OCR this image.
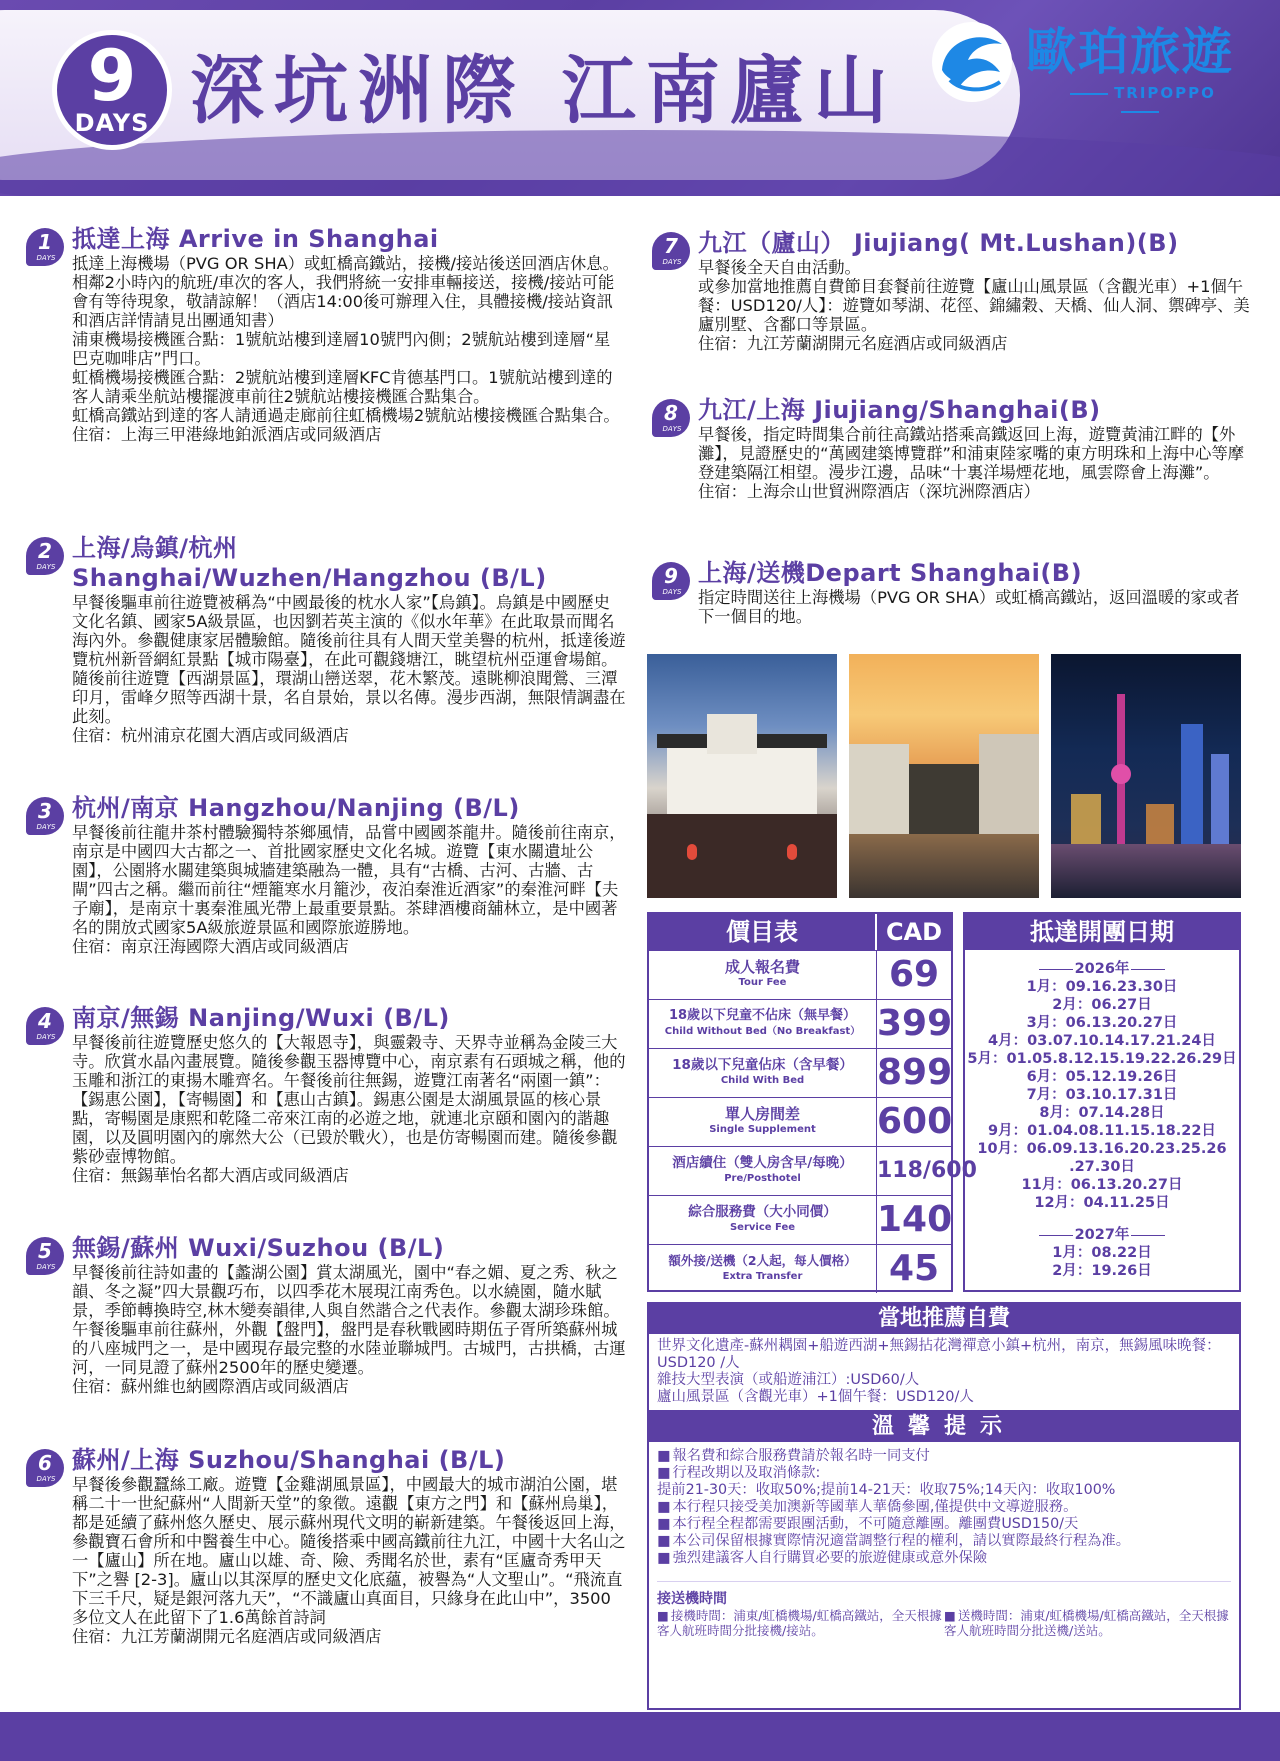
9
DAYS 深坑洲際 江南廬山	歐珀旅遊
TRIPOPPO
1
DAYS
抵達上海 Arrive in Shanghai

抵達上海機場（PVG OR SHA）或虹橋高鐵站，接機/接站後送回酒店休息。相鄰2小時內的航班/車次的客人，我們將統一安排車輛接送，接機/接站可能會有等待現象，敬請諒解！（酒店14:00後可辦理入住，具體接機/接站資訊和酒店詳情請見出團通知書）

浦東機場接機匯合點：1號航站樓到達層10號門內側；2號航站樓到達層“星巴克咖啡店”門口。

虹橋機場接機匯合點：2號航站樓到達層KFC肯德基門口。1號航站樓到達的客人請乘坐航站樓擺渡車前往2號航站樓接機匯合點集合。

虹橋高鐵站到達的客人請通過走廊前往虹橋機場2號航站樓接機匯合點集合。

住宿：上海三甲港綠地鉑派酒店或同級酒店

2
DAYS
上海/烏鎮/杭州
Shanghai/Wuzhen/Hangzhou (B/L)

早餐後驅車前往遊覽被稱為“中國最後的枕水人家”【烏鎮】。烏鎮是中國歷史文化名鎮、國家5A級景區，也因劉若英主演的《似水年華》在此取景而聞名海內外。參觀健康家居體驗館。隨後前往具有人間天堂美譽的杭州，抵達後遊覽杭州新晉網紅景點【城市陽臺】，在此可觀錢塘江，眺望杭州亞運會場館。隨後前往遊覽【西湖景區】，環湖山巒送翠，花木繁茂。遠眺柳浪聞鶯、三潭印月，雷峰夕照等西湖十景，名自景始，景以名傳。漫步西湖，無限情調盡在此刻。

住宿：杭州浦京花園大酒店或同級酒店

3
DAYS
杭州/南京 Hangzhou/Nanjing (B/L)

早餐後前往龍井茶村體驗獨特茶鄉風情，品嘗中國國茶龍井。隨後前往南京，南京是中國四大古都之一、首批國家歷史文化名城。遊覽【東水關遺址公園】，公園將水關建築與城牆建築融為一體，具有“古橋、古河、古牆、古閘”四古之稱。繼而前往“煙籠寒水月籠沙，夜泊秦淮近酒家”的秦淮河畔【夫子廟】，是南京十裏秦淮風光帶上最重要景點。茶肆酒樓商舖林立，是中國著名的開放式國家5A級旅遊景區和國際旅遊勝地。

住宿：南京汪海國際大酒店或同級酒店

4
DAYS
南京/無錫 Nanjing/Wuxi (B/L)

早餐後前往遊覽歷史悠久的【大報恩寺】，與靈穀寺、天界寺並稱為金陵三大寺。欣賞水晶內畫展覽。隨後參觀玉器博覽中心，南京素有石頭城之稱，他的玉雕和浙江的東揚木雕齊名。午餐後前往無錫，遊覽江南著名“兩園一鎮”：【錫惠公園】，【寄暢園】和【惠山古鎮】。錫惠公園是太湖風景區的核心景點，寄暢園是康熙和乾隆二帝來江南的必遊之地，就連北京頤和園內的諧趣園，以及圓明園內的廓然大公（已毀於戰火），也是仿寄暢園而建。隨後參觀紫砂壺博物館。

住宿：無錫華怡名都大酒店或同級酒店

5
DAYS
無錫/蘇州 Wuxi/Suzhou (B/L)

早餐後前往詩如畫的【蠡湖公園】賞太湖風光，園中“春之媚、夏之秀、秋之韻、冬之凝”四大景觀巧布，以四季花木展現江南秀色。以水繞園，隨水賦景，季節轉換時空,林木變奏韻律,人與自然諧合之代表作。參觀太湖珍珠館。午餐後驅車前往蘇州，外觀【盤門】，盤門是春秋戰國時期伍子胥所築蘇州城的八座城門之一，是中國現存最完整的水陸並聯城門。古城門，古拱橋，古運河，一同見證了蘇州2500年的歷史變遷。

住宿：蘇州維也納國際酒店或同級酒店

6
DAYS
蘇州/上海 Suzhou/Shanghai (B/L)

早餐後參觀蠶絲工廠。遊覽【金雞湖風景區】，中國最大的城市湖泊公園，堪稱二十一世紀蘇州“人間新天堂”的象徵。遠觀【東方之門】和【蘇州烏巢】，都是延續了蘇州悠久歷史、展示蘇州現代文明的嶄新建築。午餐後返回上海，參觀寶石會所和中醫養生中心。隨後搭乘中國高鐵前往九江，中國十大名山之一【廬山】所在地。廬山以雄、奇、險、秀聞名於世，素有“匡廬奇秀甲天下”之譽 [2-3]。廬山以其深厚的歷史文化底蘊，被譽為“人文聖山”。“飛流直下三千尺，疑是銀河落九天”，“不識廬山真面目，只緣身在此山中”，3500多位文人在此留下了1.6萬餘首詩詞

住宿：九江芳蘭湖開元名庭酒店或同級酒店

7
DAYS
九江（廬山） Jiujiang( Mt.Lushan)(B)

早餐後全天自由活動。

或參加當地推薦自費節目套餐前往遊覽【廬山山風景區（含觀光車）+1個午餐：USD120/人】：遊覽如琴湖、花徑、錦繡穀、天橋、仙人洞、禦碑亭、美廬別墅、含鄱口等景區。

住宿：九江芳蘭湖開元名庭酒店或同級酒店

8
DAYS
九江/上海 Jiujiang/Shanghai(B)

早餐後，指定時間集合前往高鐵站搭乘高鐵返回上海，遊覽黃浦江畔的【外灘】，見證歷史的“萬國建築博覽群”和浦東陸家嘴的東方明珠和上海中心等摩登建築隔江相望。漫步江邊，品味“十裏洋場煙花地，風雲際會上海灘”。

住宿：上海佘山世貿洲際酒店（深坑洲際酒店）

9
DAYS
上海/送機Depart Shanghai(B)

指定時間送往上海機場（PVG OR SHA）或虹橋高鐵站，返回溫暖的家或者下一個目的地。

價目表	CAD
成人報名費
Tour Fee	69
18歲以下兒童不佔床（無早餐）
Child Without Bed（No Breakfast） 399
18歲以下兒童佔床（含早餐）
Child With Bed	899
單人房間差
Single Supplement	600
酒店續住（雙人房含早/每晚）
Pre/Posthotel	118/600
綜合服務費（大小同價）
Service Fee	140
額外接/送機（2人起，每人價格）
Extra Transfer	45
抵達開團日期
2026年
1月：09.16.23.30日
2月：06.27日
3月：06.13.20.27日
4月：03.07.10.14.17.21.24日
5月：01.05.8.12.15.19.22.26.29日
6月：05.12.19.26日
7月：03.10.17.31日
8月：07.14.28日
9月：01.04.08.11.15.18.22日
10月：06.09.13.16.20.23.25.26
.27.30日
11月：06.13.20.27日
12月：04.11.25日
2027年
1月：08.22日
2月：19.26日
當地推薦自費
世界文化遺產-蘇州耦園+船遊西湖+無錫拈花灣禪意小鎮+杭州，南京，無錫風味晚餐：USD120 /人
雜技大型表演（或船遊浦江）:USD60/人
廬山風景區（含觀光車）+1個午餐：USD120/人
溫馨提示
■ 報名費和綜合服務費請於報名時一同支付
■ 行程改期以及取消條款:
提前21-30天：收取50%;提前14-21天：收取75%;14天內：收取100%
■ 本行程只接受美加澳新等國華人華僑參團,僅提供中文導遊服務。
■ 本行程全程都需要跟團活動，不可隨意離團。離團費USD150/天
■ 本公司保留根據實際情況適當調整行程的權利，請以實際最終行程為准。
■ 強烈建議客人自行購買必要的旅遊健康或意外保險
接送機時間
■ 接機時間：浦東/虹橋機場/虹橋高鐵站，全天根據客人航班時間分批接機/接站。
■ 送機時間：浦東/虹橋機場/虹橋高鐵站，全天根據客人航班時間分批送機/送站。
